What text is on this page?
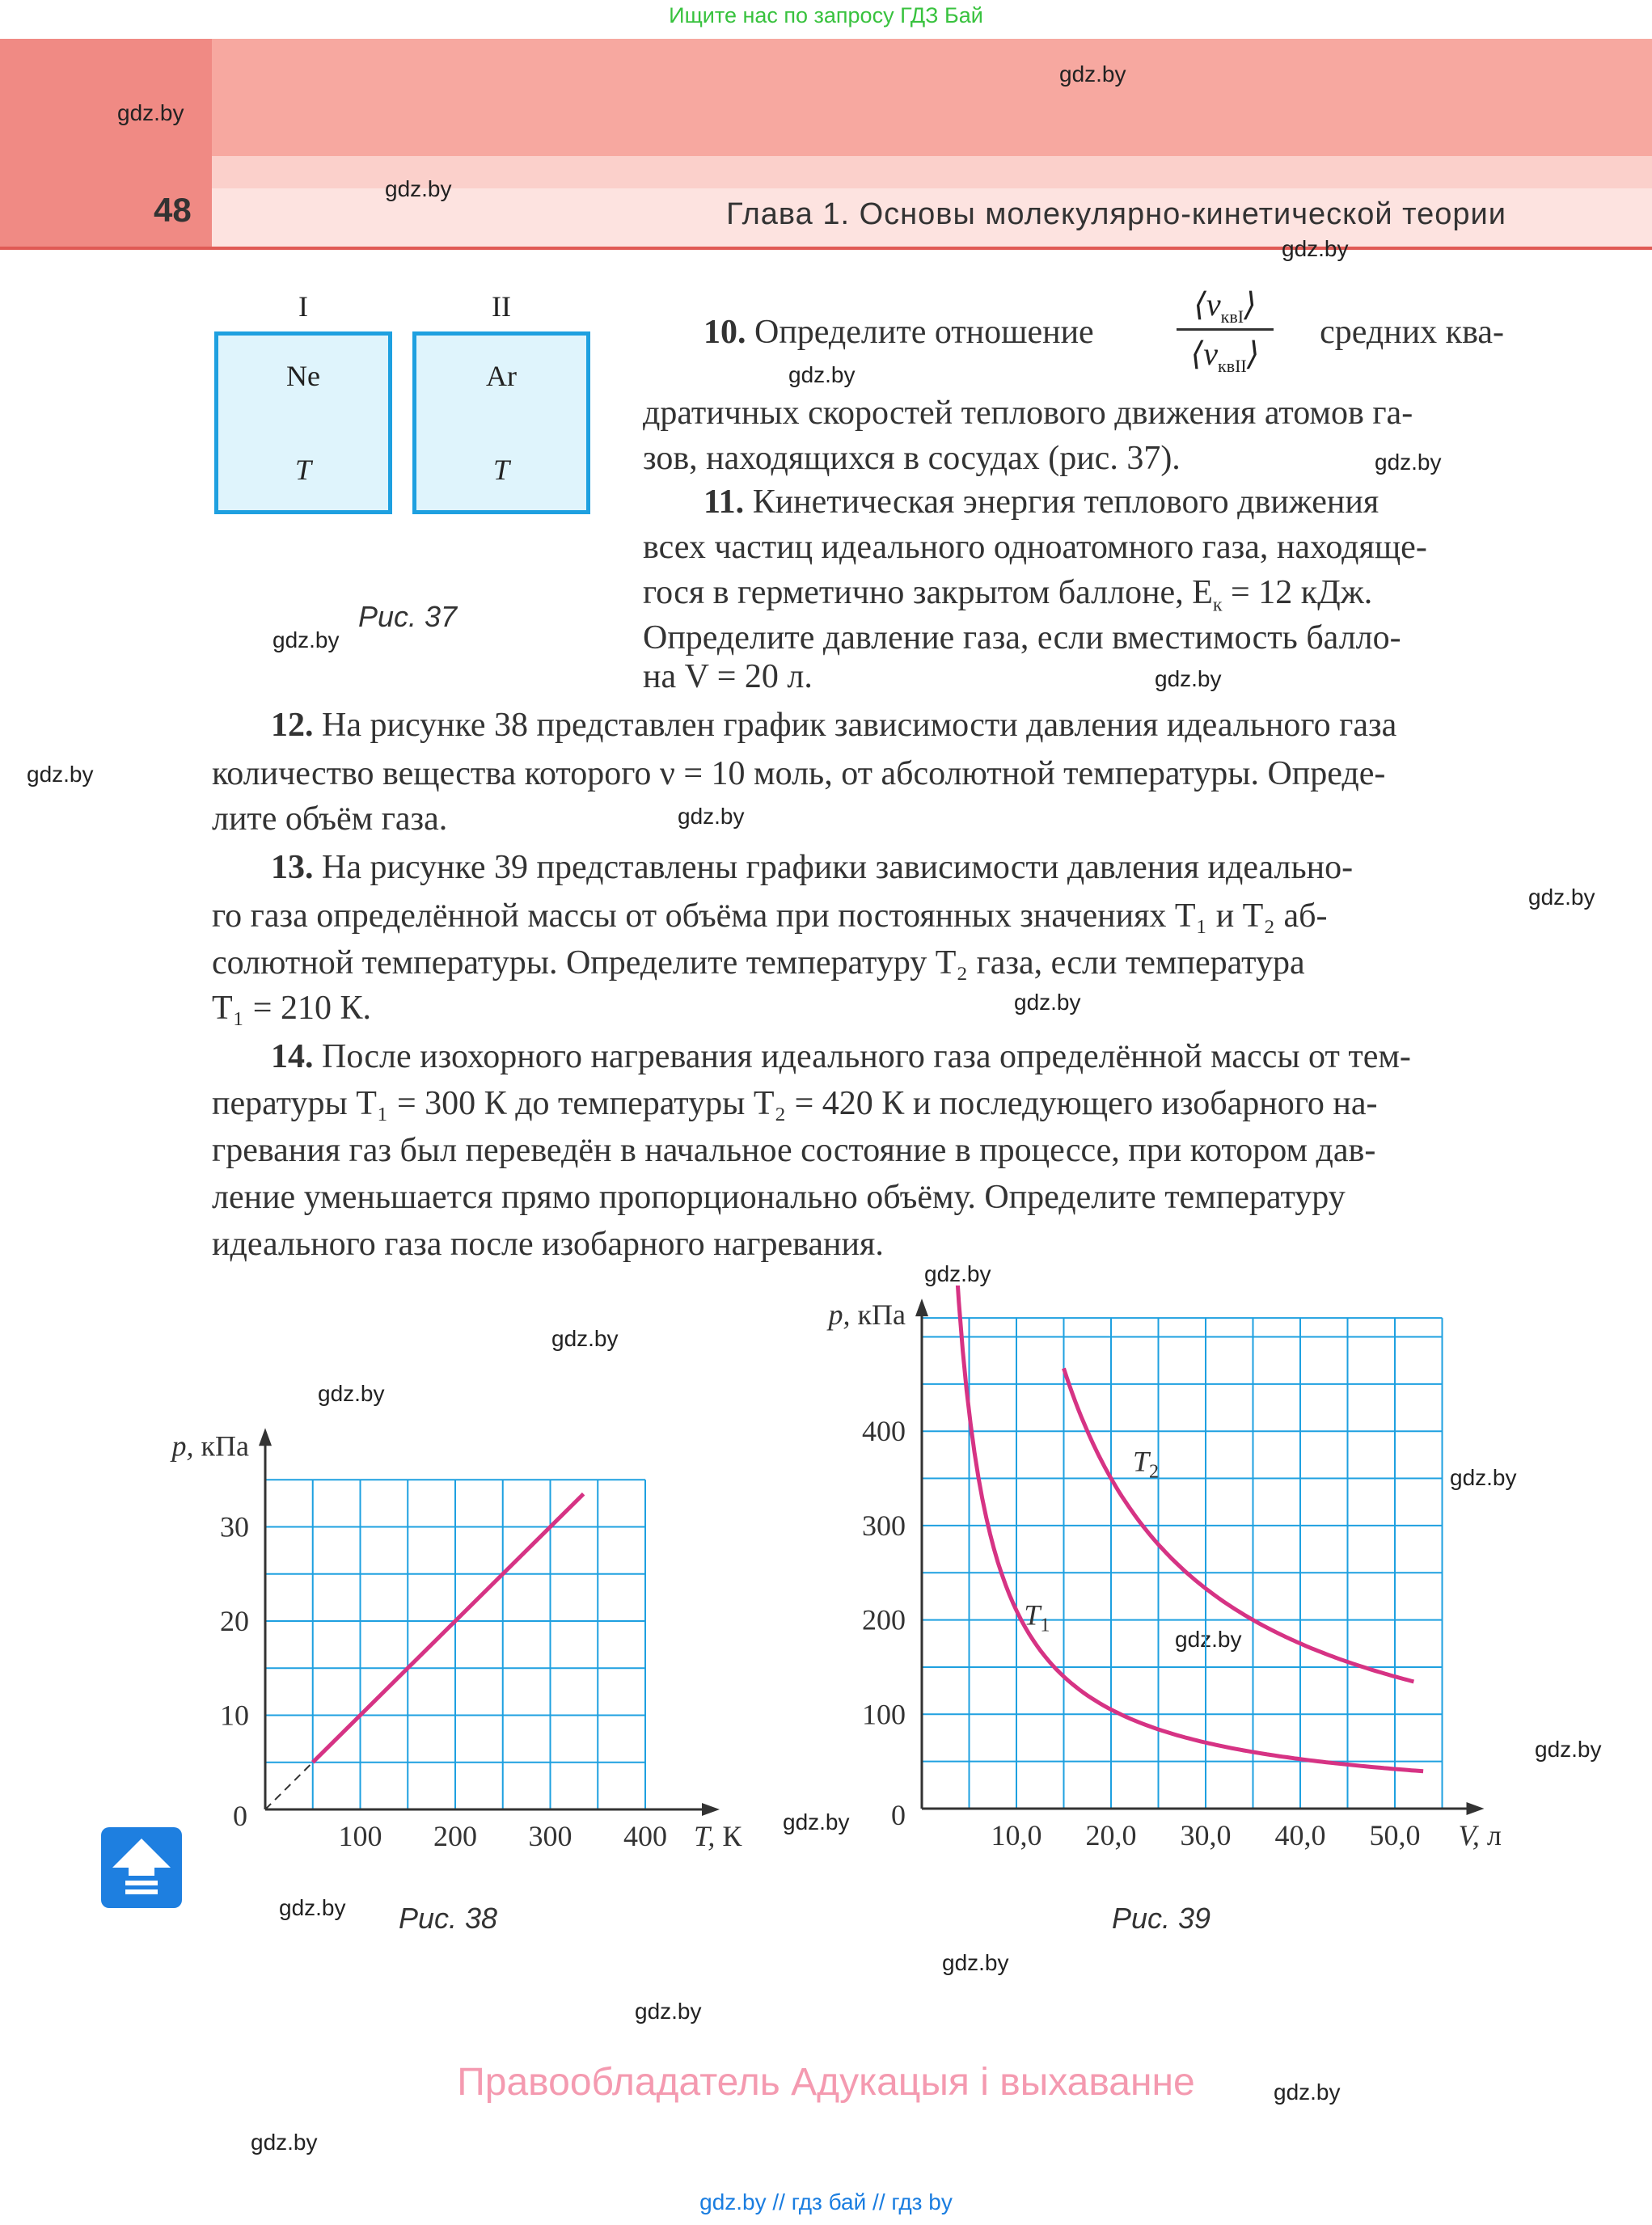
Ищите нас по запросу ГДЗ Бай
48	Глава 1. Основы молекулярно-кинетической теории
gdz.by
gdz.by
gdz.by
gdz.by
gdz.by
gdz.by
gdz.by
gdz.by
gdz.by
gdz.by
gdz.by
gdz.by
gdz.by
gdz.by
gdz.by
gdz.by
gdz.by
gdz.by
gdz.by
gdz.by
gdz.by
gdz.by
gdz.by
gdz.by
I	II
Ne	Ar
T	T
Рис. 37
10. Определите отношение
$⟨v_{квI}⟩$
$⟨v_{квII}⟩$
средних ква-
дратичных скоростей теплового движения атомов га-
зов, находящихся в сосудах (рис. 37).
11. Кинетическая энергия теплового движения
всех частиц идеального одноатомного газа, находяще-
гося в герметично закрытом баллоне, $E_к = 12$ кДж.
Определите давление газа, если вместимость балло-
на V = 20 л.
12. На рисунке 38 представлен график зависимости давления идеального газа
количество вещества которого ν = 10 моль, от абсолютной температуры. Опреде-
лите объём газа.
13. На рисунке 39 представлены графики зависимости давления идеально-
го газа определённой массы от объёма при постоянных значениях T₁ и T₂ аб-
солютной температуры. Определите температуру T₂ газа, если температура
T₁ = 210 К.
14. После изохорного нагревания идеального газа определённой массы от тем-
пературы T₁ = 300 К до температуры T₂ = 420 К и последующего изобарного на-
гревания газ был переведён в начальное состояние в процессе, при котором дав-
ление уменьшается прямо пропорционально объёму. Определите температуру
идеального газа после изобарного нагревания.
100 200 300 400
10
20
30
0
T, К
p, кПа
Рис. 38
10,0 20,0 30,0 40,0 50,0
100
200
300
400
0
V, л
p, кПа
$T_1$
$T_2$
Рис. 39
Правообладатель Адукацыя і выхаванне
gdz.by // гдз бай // гдз by
